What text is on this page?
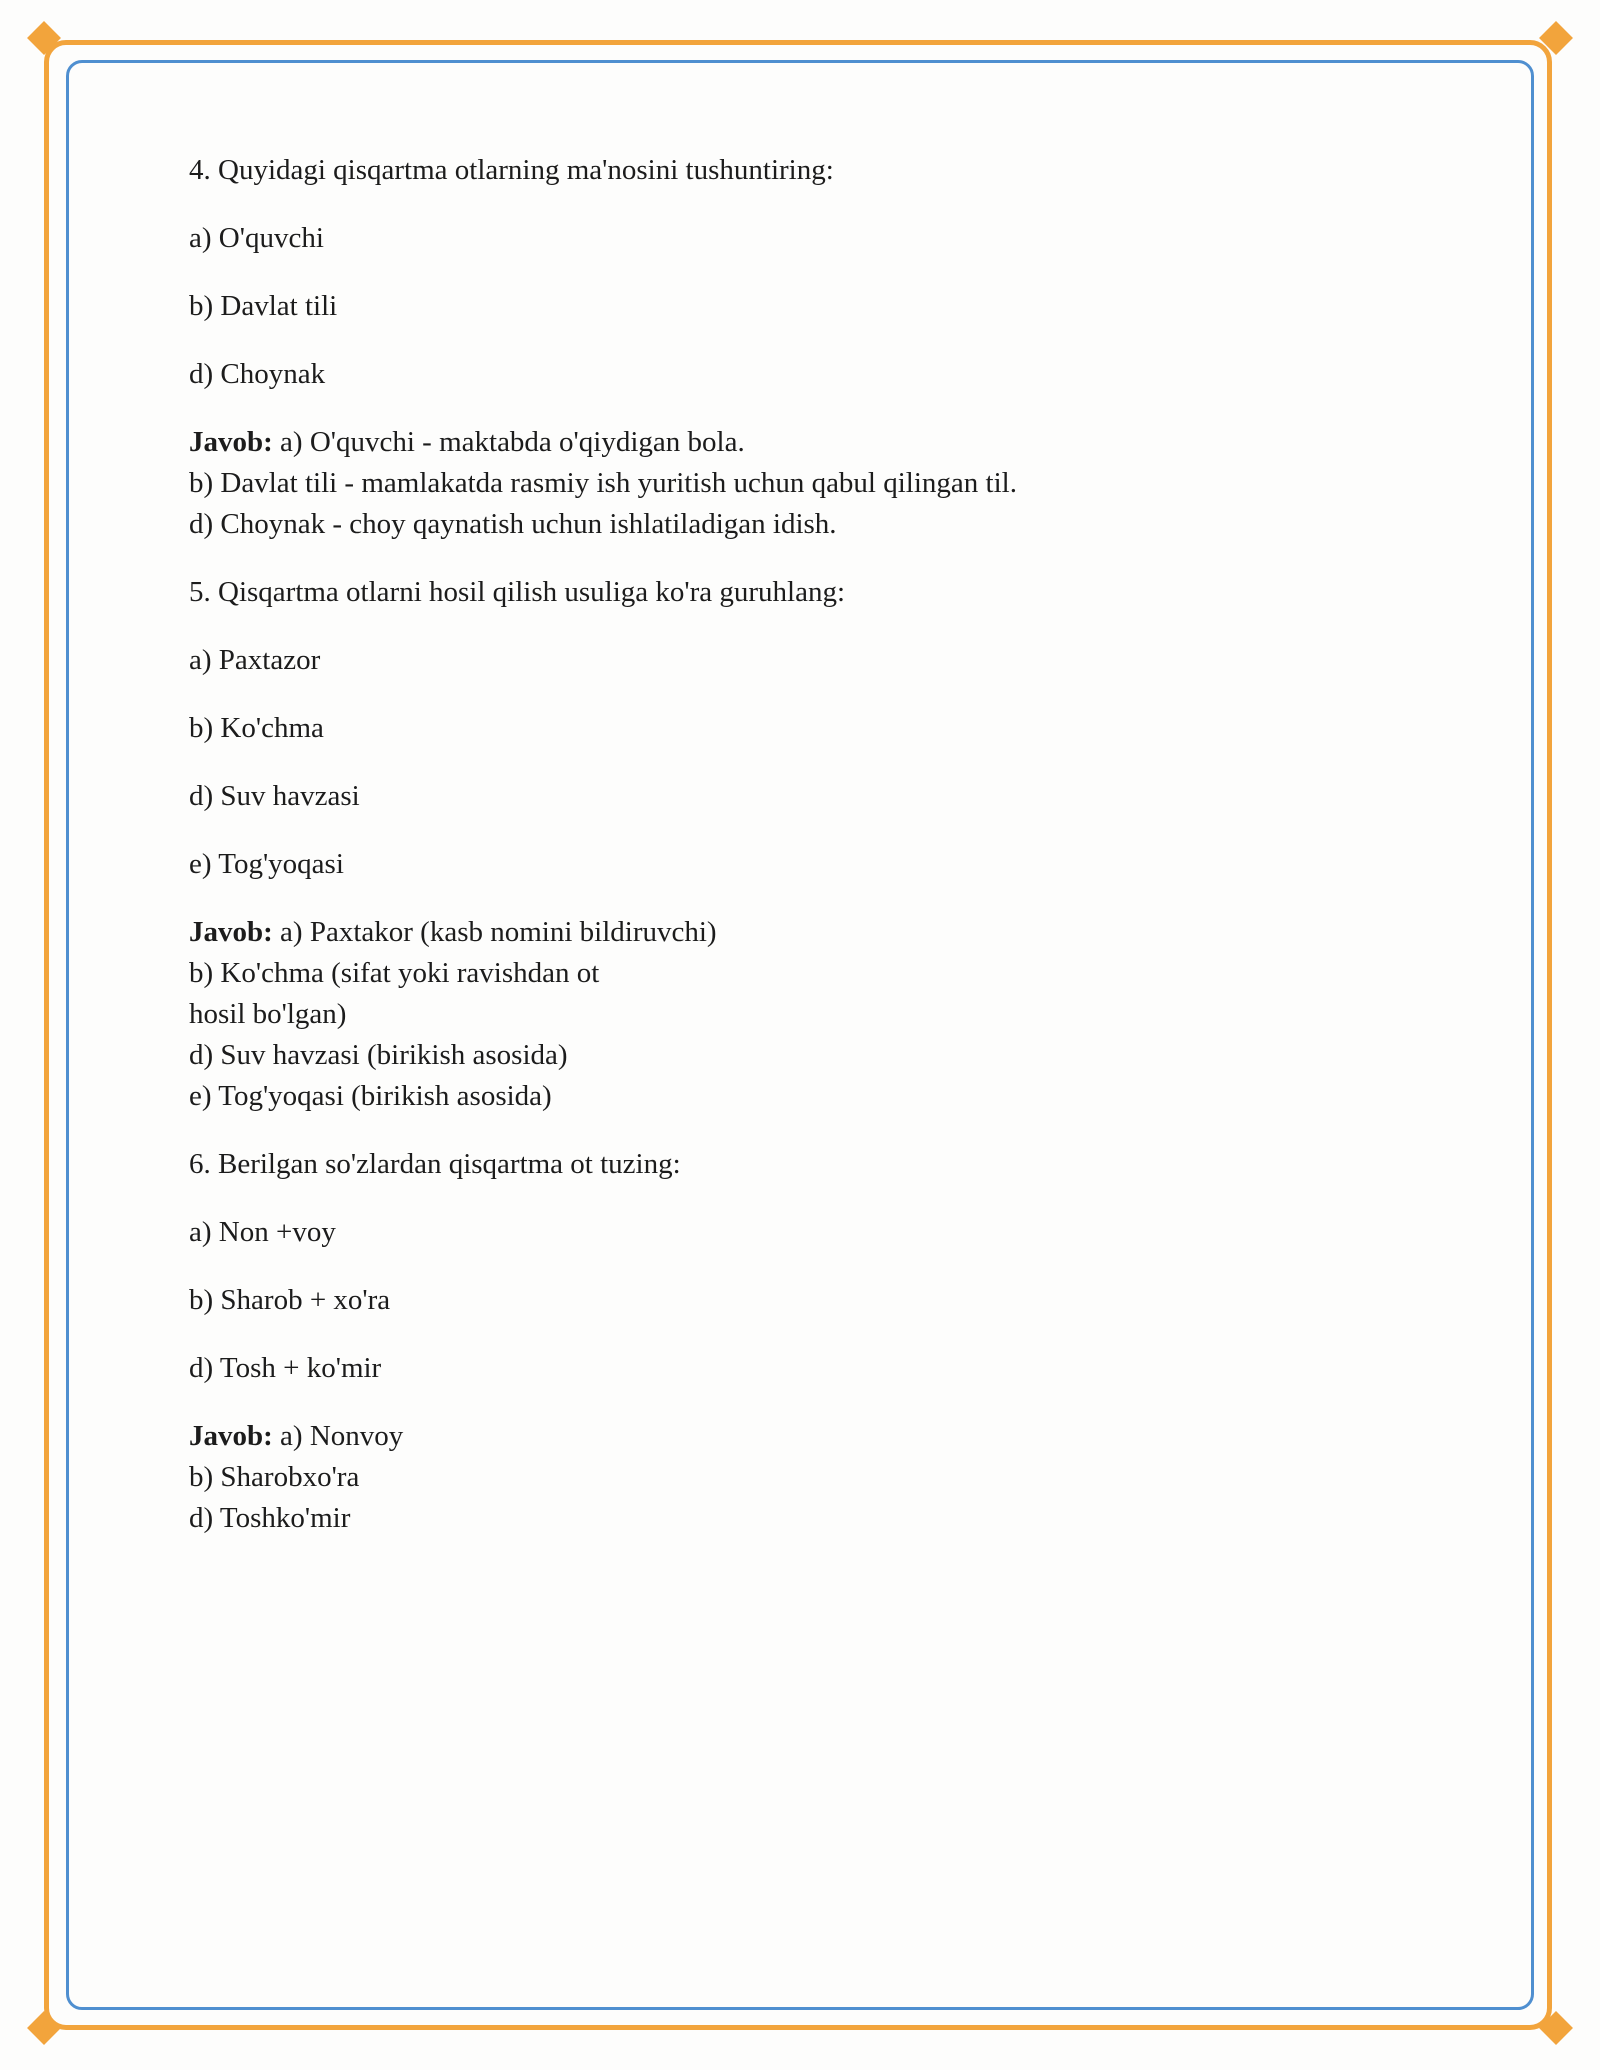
4. Quyidagi qisqartma otlarning ma'nosini tushuntiring:

a) O'quvchi

b) Davlat tili

d) Choynak

Javob: a) O'quvchi - maktabda o'qiydigan bola.
b) Davlat tili - mamlakatda rasmiy ish yuritish uchun qabul qilingan til.
d) Choynak - choy qaynatish uchun ishlatiladigan idish.

5. Qisqartma otlarni hosil qilish usuliga ko'ra guruhlang:

a) Paxtazor

b) Ko'chma

d) Suv havzasi

e) Tog'yoqasi

Javob: a) Paxtakor (kasb nomini bildiruvchi)
b) Ko'chma (sifat yoki ravishdan ot
hosil bo'lgan)
d) Suv havzasi (birikish asosida)
e) Tog'yoqasi (birikish asosida)

6. Berilgan so'zlardan qisqartma ot tuzing:

a) Non +voy

b) Sharob + xo'ra

d) Tosh + ko'mir

Javob: a) Nonvoy
b) Sharobxo'ra
d) Toshko'mir
